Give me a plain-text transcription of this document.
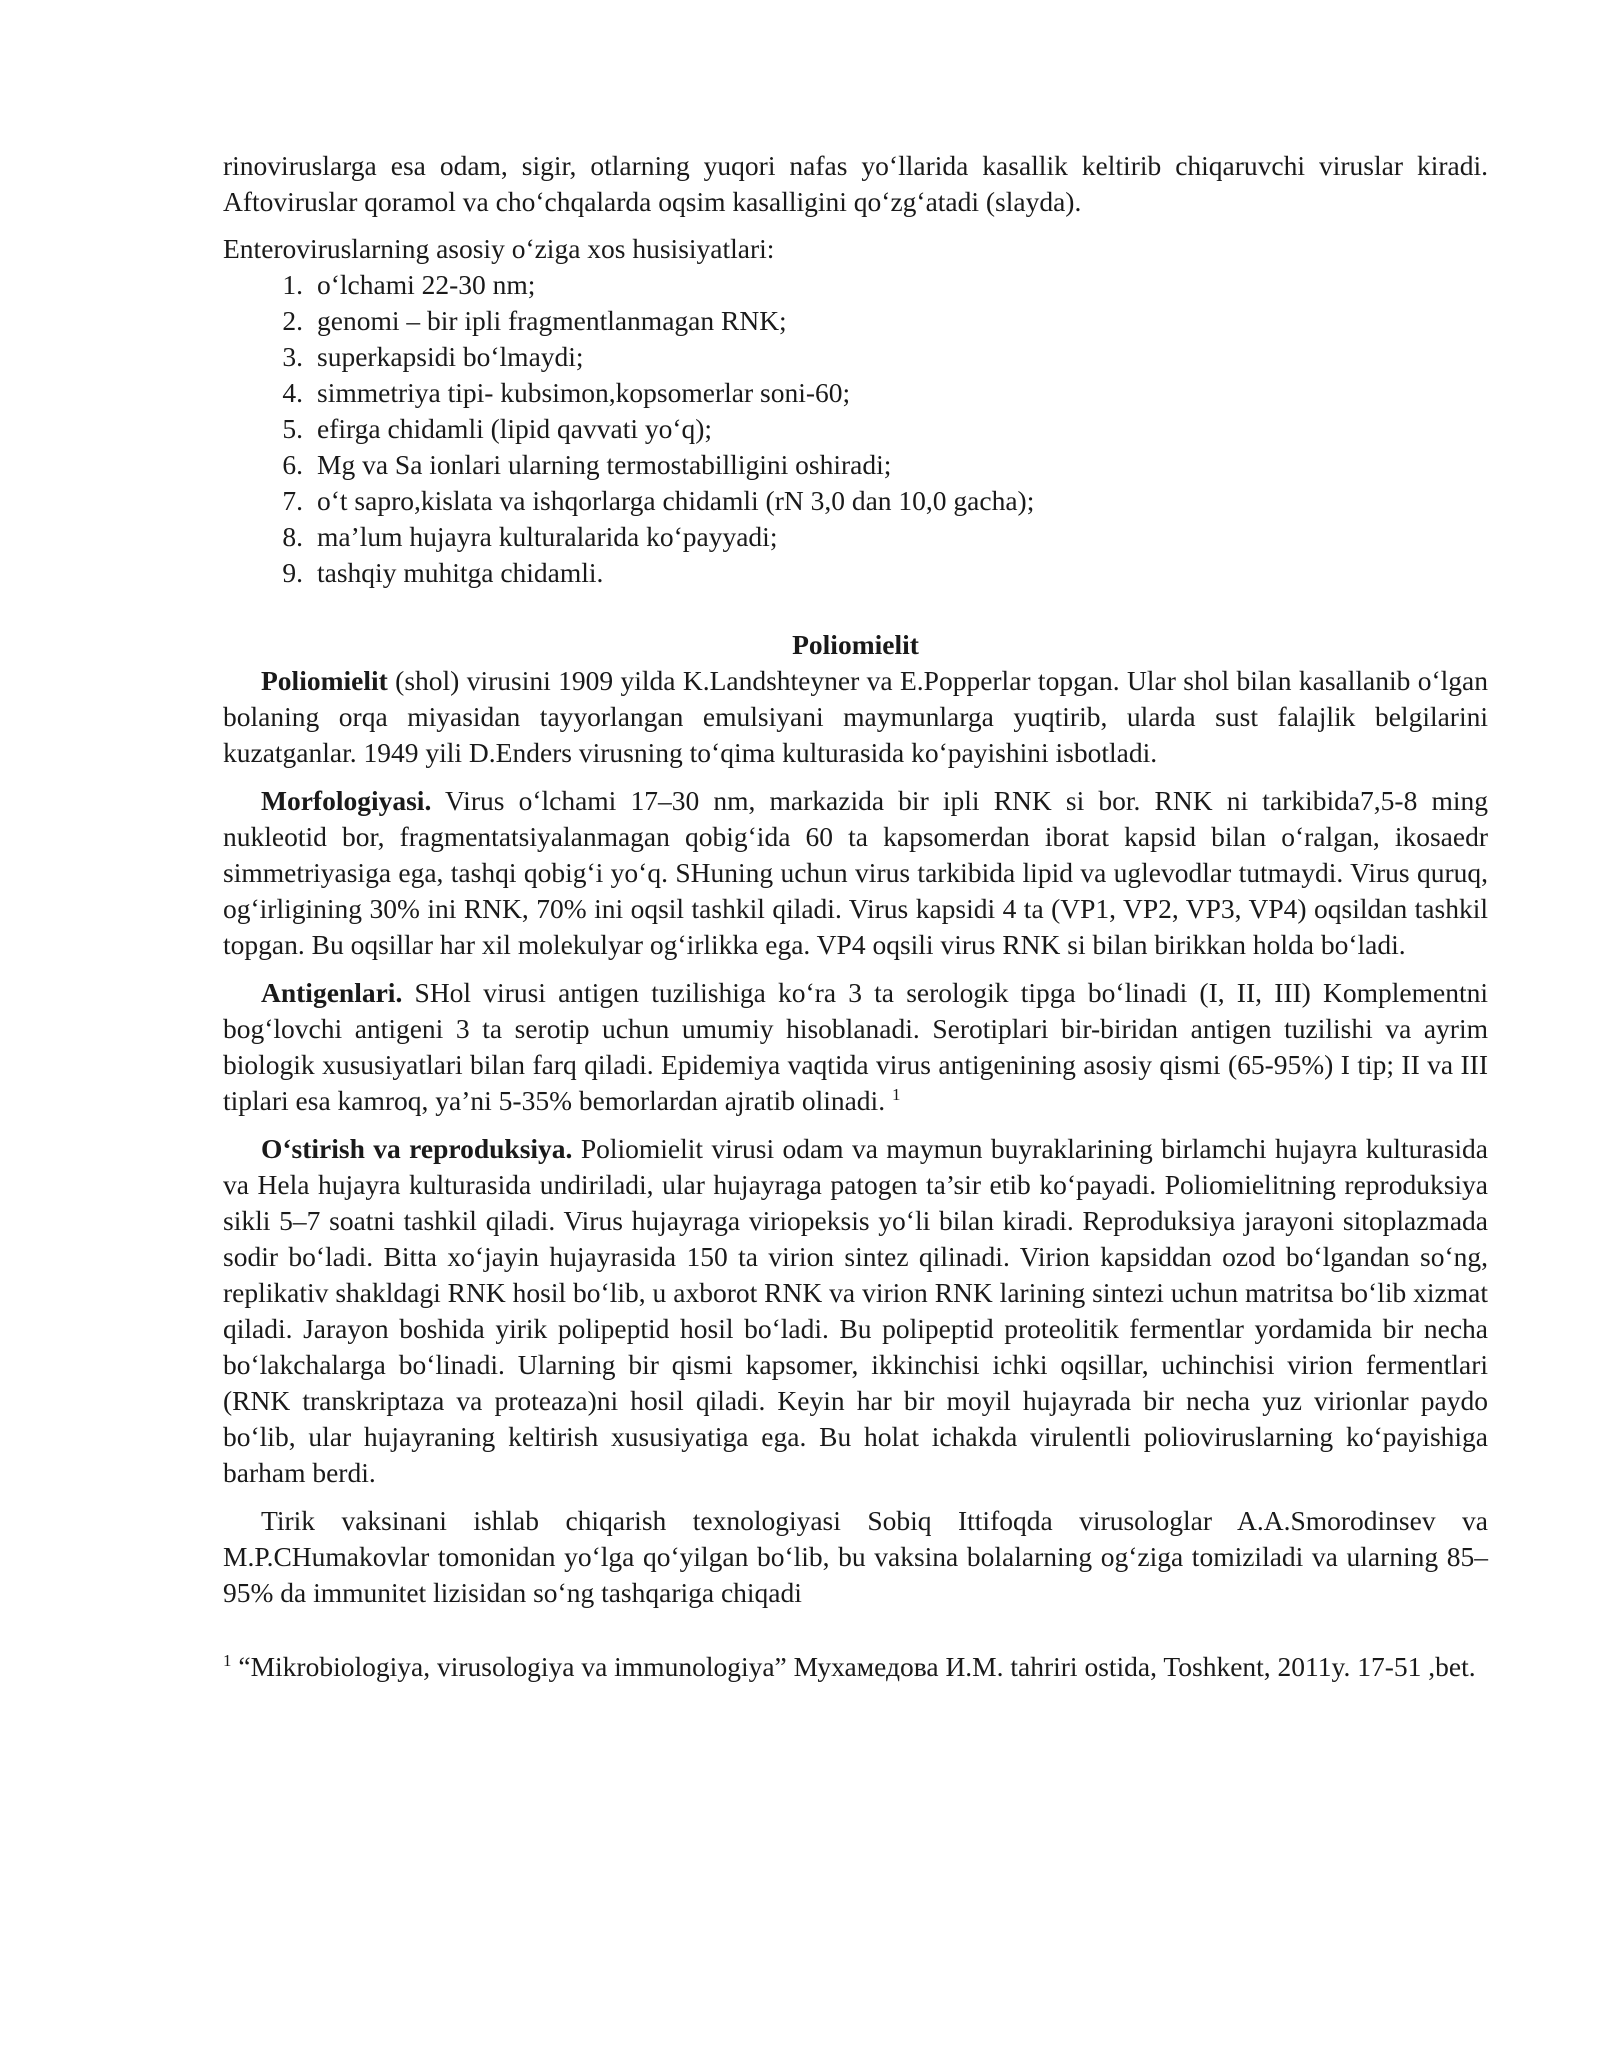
rinoviruslarga esa odam, sigir, otlarning yuqori nafas yo‘llarida kasallik keltirib chiqaruvchi viruslar kiradi. Aftoviruslar qoramol va cho‘chqalarda oqsim kasalligini qo‘zg‘atadi (slayda).

Enteroviruslarning asosiy o‘ziga xos husisiyatlari:

1. o‘lchami 22-30 nm;
2. genomi – bir ipli fragmentlanmagan RNK;
3. superkapsidi bo‘lmaydi;
4. simmetriya tipi- kubsimon,kopsomerlar soni-60;
5. efirga chidamli (lipid qavvati yo‘q);
6. Mg va Sa ionlari ularning termostabilligini oshiradi;
7. o‘t sapro,kislata va ishqorlarga chidamli (rN 3,0 dan 10,0 gacha);
8. ma’lum hujayra kulturalarida ko‘payyadi;
9. tashqiy muhitga chidamli.
Poliomielit

Poliomielit (shol) virusini 1909 yilda K.Landshteyner va E.Popperlar topgan. Ular shol bilan kasallanib o‘lgan bolaning orqa miyasidan tayyorlangan emulsiyani maymunlarga yuqtirib, ularda sust falajlik belgilarini kuzatganlar. 1949 yili D.Enders virusning to‘qima kulturasida ko‘payishini isbotladi.

Morfologiyasi. Virus o‘lchami 17–30 nm, markazida bir ipli RNK si bor. RNK ni tarkibida7,5-8 ming nukleotid bor, fragmentatsiyalanmagan qobig‘ida 60 ta kapsomerdan iborat kapsid bilan o‘ralgan, ikosaedr simmetriyasiga ega, tashqi qobig‘i yo‘q. SHuning uchun virus tarkibida lipid va uglevodlar tutmaydi. Virus quruq, og‘irligining 30% ini RNK, 70% ini oqsil tashkil qiladi. Virus kapsidi 4 ta (VP1, VP2, VP3, VP4) oqsildan tashkil topgan. Bu oqsillar har xil molekulyar og‘irlikka ega. VP4 oqsili virus RNK si bilan birikkan holda bo‘ladi.

Antigenlari. SHol virusi antigen tuzilishiga ko‘ra 3 ta serologik tipga bo‘linadi (I, II, III) Komplementni bog‘lovchi antigeni 3 ta serotip uchun umumiy hisoblanadi. Serotiplari bir-biridan antigen tuzilishi va ayrim biologik xususiyatlari bilan farq qiladi. Epidemiya vaqtida virus antigenining asosiy qismi (65-95%) I tip; II va III tiplari esa kamroq, ya’ni 5-35% bemorlardan ajratib olinadi. $^1$

O‘stirish va reproduksiya. Poliomielit virusi odam va maymun buyraklarining birlamchi hujayra kulturasida va Hela hujayra kulturasida undiriladi, ular hujayraga patogen ta’sir etib ko‘payadi. Poliomielitning reproduksiya sikli 5–7 soatni tashkil qiladi. Virus hujayraga viriopeksis yo‘li bilan kiradi. Reproduksiya jarayoni sitoplazmada sodir bo‘ladi. Bitta xo‘jayin hujayrasida 150 ta virion sintez qilinadi. Virion kapsiddan ozod bo‘lgandan so‘ng, replikativ shakldagi RNK hosil bo‘lib, u axborot RNK va virion RNK larining sintezi uchun matritsa bo‘lib xizmat qiladi. Jarayon boshida yirik polipeptid hosil bo‘ladi. Bu polipeptid proteolitik fermentlar yordamida bir necha bo‘lakchalarga bo‘linadi. Ularning bir qismi kapsomer, ikkinchisi ichki oqsillar, uchinchisi virion fermentlari (RNK transkriptaza va proteaza)ni hosil qiladi. Keyin har bir moyil hujayrada bir necha yuz virionlar paydo bo‘lib, ular hujayraning keltirish xususiyatiga ega. Bu holat ichakda virulentli polioviruslarning ko‘payishiga barham berdi.

Tirik vaksinani ishlab chiqarish texnologiyasi Sobiq Ittifoqda virusologlar A.A.Smorodinsev va M.P.CHumakovlar tomonidan yo‘lga qo‘yilgan bo‘lib, bu vaksina bolalarning og‘ziga tomiziladi va ularning 85–95% da immunitet lizisidan so‘ng tashqariga chiqadi

$^1$ “Mikrobiologiya, virusologiya va immunologiya” Мухамедова И.М. tahriri ostida, Toshkent, 2011y. 17-51 ,bet.
